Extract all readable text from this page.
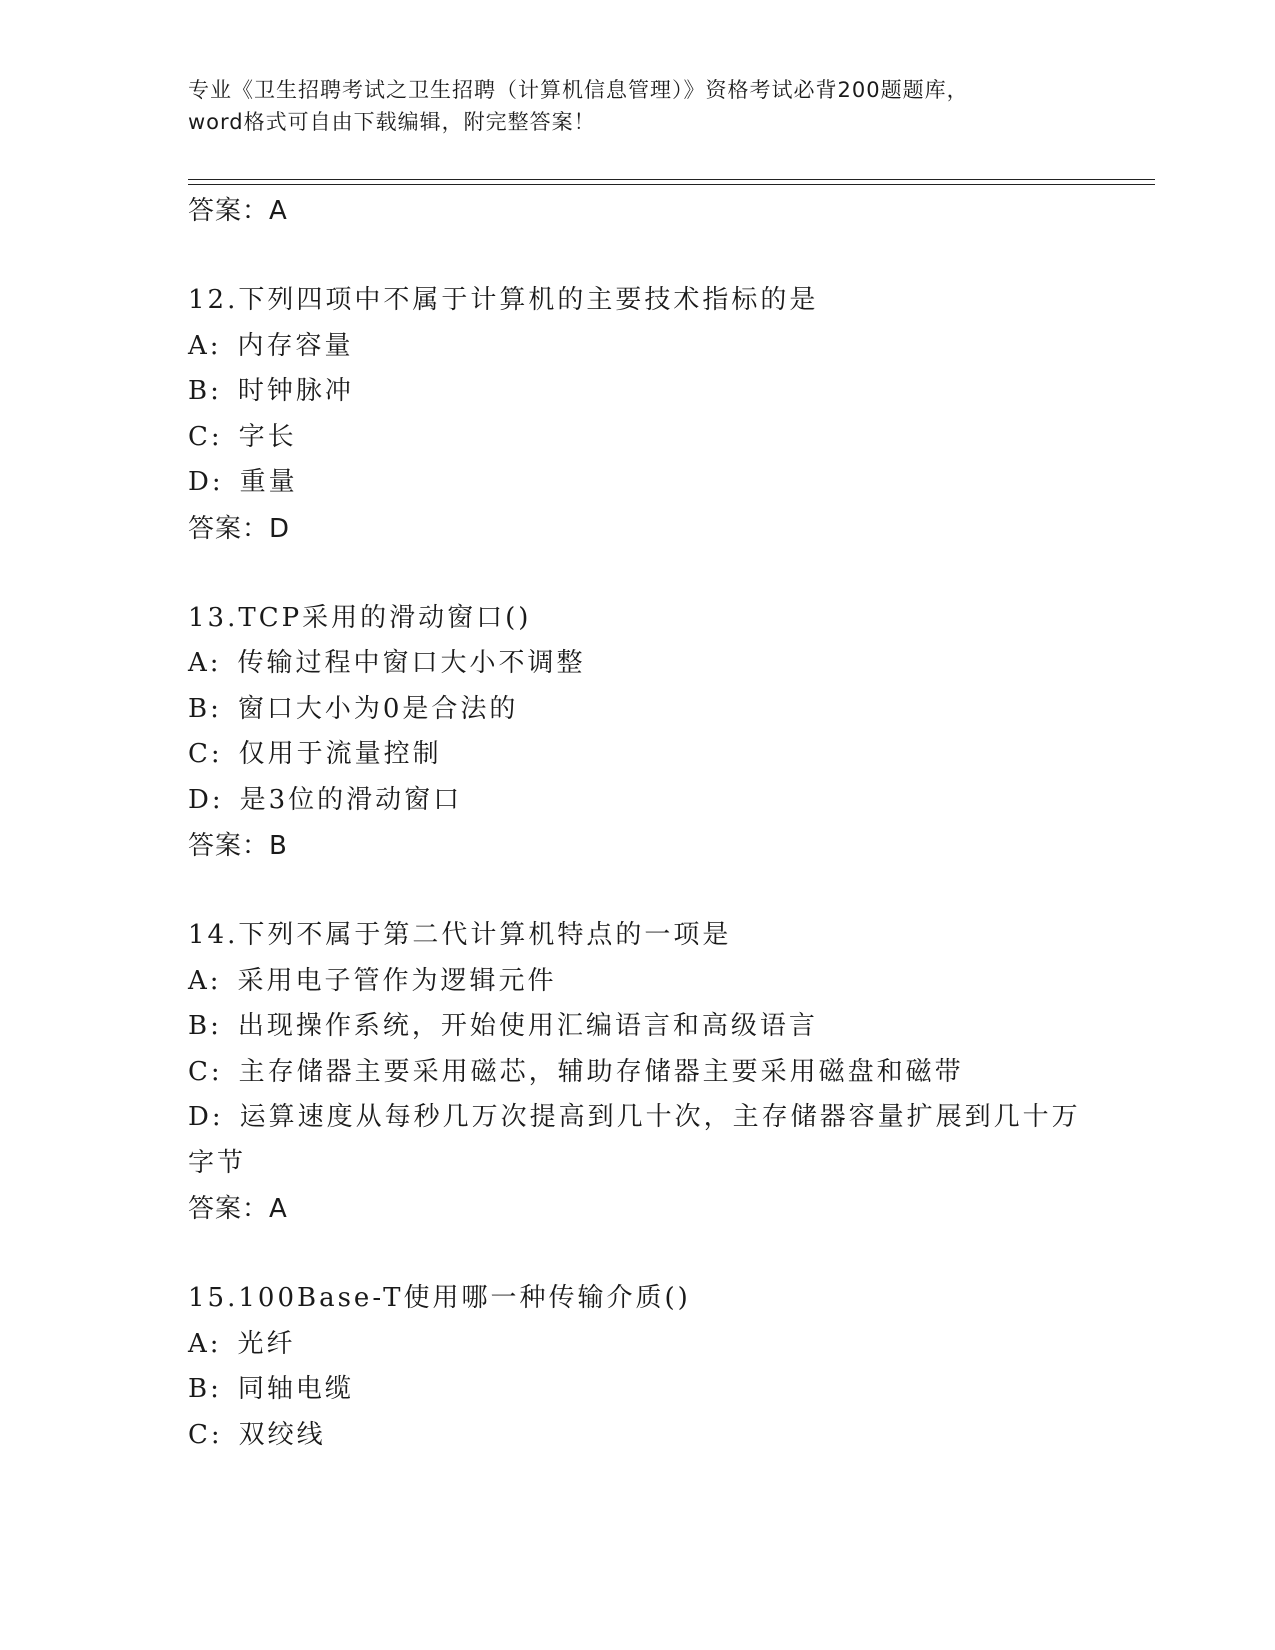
专业《卫生招聘考试之卫生招聘（计算机信息管理）》资格考试必背200题题库，
word格式可自由下载编辑，附完整答案！
答案：A
12.下列四项中不属于计算机的主要技术指标的是
A: 内存容量
B: 时钟脉冲
C: 字长
D: 重量
答案：D
13.TCP采用的滑动窗口()
A: 传输过程中窗口大小不调整
B: 窗口大小为0是合法的
C: 仅用于流量控制
D: 是3位的滑动窗口
答案：B
14.下列不属于第二代计算机特点的一项是
A: 采用电子管作为逻辑元件
B: 出现操作系统，开始使用汇编语言和高级语言
C: 主存储器主要采用磁芯，辅助存储器主要采用磁盘和磁带
D: 运算速度从每秒几万次提高到几十次，主存储器容量扩展到几十万
字节
答案：A
15.100Base-T使用哪一种传输介质()
A: 光纤
B: 同轴电缆
C: 双绞线
